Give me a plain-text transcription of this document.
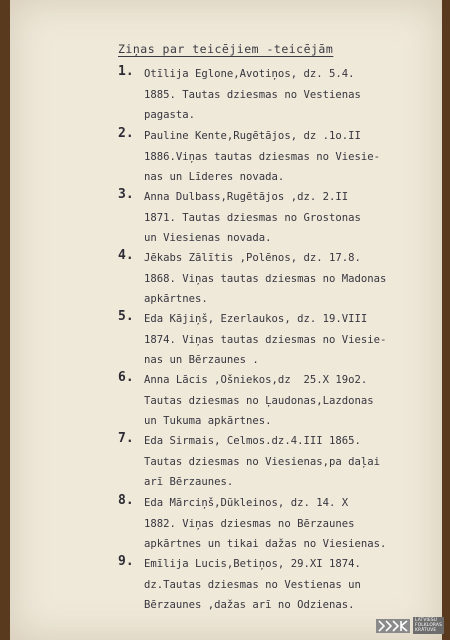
Ziņas par teicējiem -teicējām
1. Otīlija Eglone,Avotiņos, dz. 5.4.
1885. Tautas dziesmas no Vestienas
pagasta.
2. Pauline Kente,Rugētājos, dz .1o.II
1886.Viņas tautas dziesmas no Viesie-
nas un Līderes novada.
3. Anna Dulbass,Rugētājos ,dz. 2.II
1871. Tautas dziesmas no Grostonas
un Viesienas novada.
4. Jēkabs Zālītis ,Polēnos, dz. 17.8.
1868. Viņas tautas dziesmas no Madonas
apkārtnes.
5. Eda Kājiņš, Ezerlaukos, dz. 19.VIII
1874. Viņas tautas dziesmas no Viesie-
nas un Bērzaunes .
6. Anna Lācis ,Ošniekos,dz  25.X 19o2.
Tautas dziesmas no Ļaudonas,Lazdonas
un Tukuma apkārtnes.
7. Eda Sirmais, Celmos.dz.4.III 1865.
Tautas dziesmas no Viesienas,pa daļai
arī Bērzaunes.
8. Eda Mārciņš,Dūkleinos, dz. 14. X
1882. Viņas dziesmas no Bērzaunes
apkārtnes un tikai dažas no Viesienas.
9. Emīlija Lucis,Betiņos, 29.XI 1874.
dz.Tautas dziesmas no Vestienas un
Bērzaunes ,dažas arī no Odzienas.
LATVIEŠU
FOLKLORAS
KRĀTUVE
